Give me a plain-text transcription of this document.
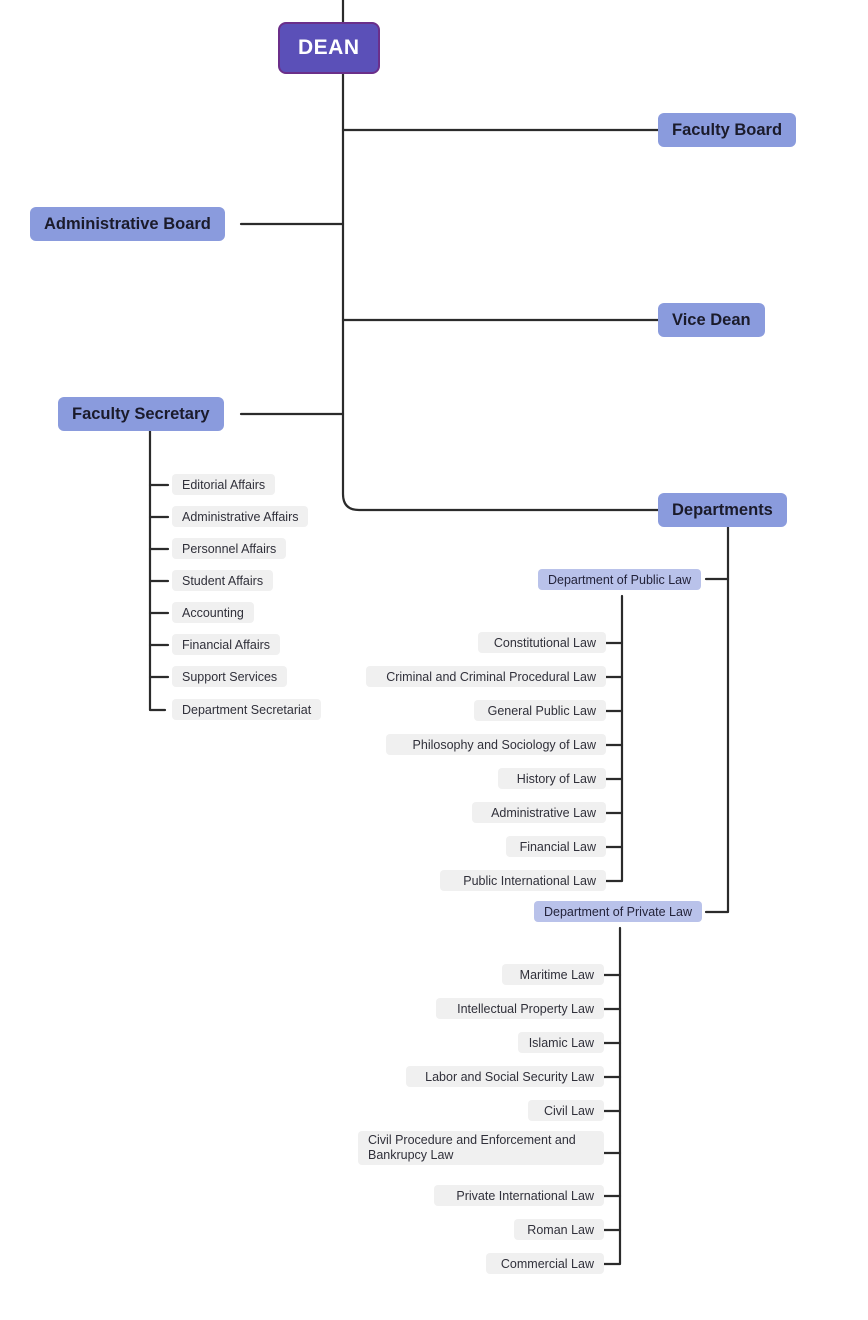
DEAN
Faculty Board
Administrative Board
Vice Dean
Faculty Secretary
Departments
Editorial Affairs
Administrative Affairs
Personnel Affairs
Student Affairs
Accounting
Financial Affairs
Support Services
Department Secretariat
Department of Public Law
Constitutional Law
Criminal and Criminal Procedural Law
General Public Law
Philosophy and Sociology of Law
History of Law
Administrative Law
Financial Law
Public International Law
Department of Private Law
Maritime Law
Intellectual Property Law
Islamic Law
Labor and Social Security Law
Civil Law
Civil Procedure and Enforcement and Bankrupcy Law
Private International Law
Roman Law
Commercial Law
